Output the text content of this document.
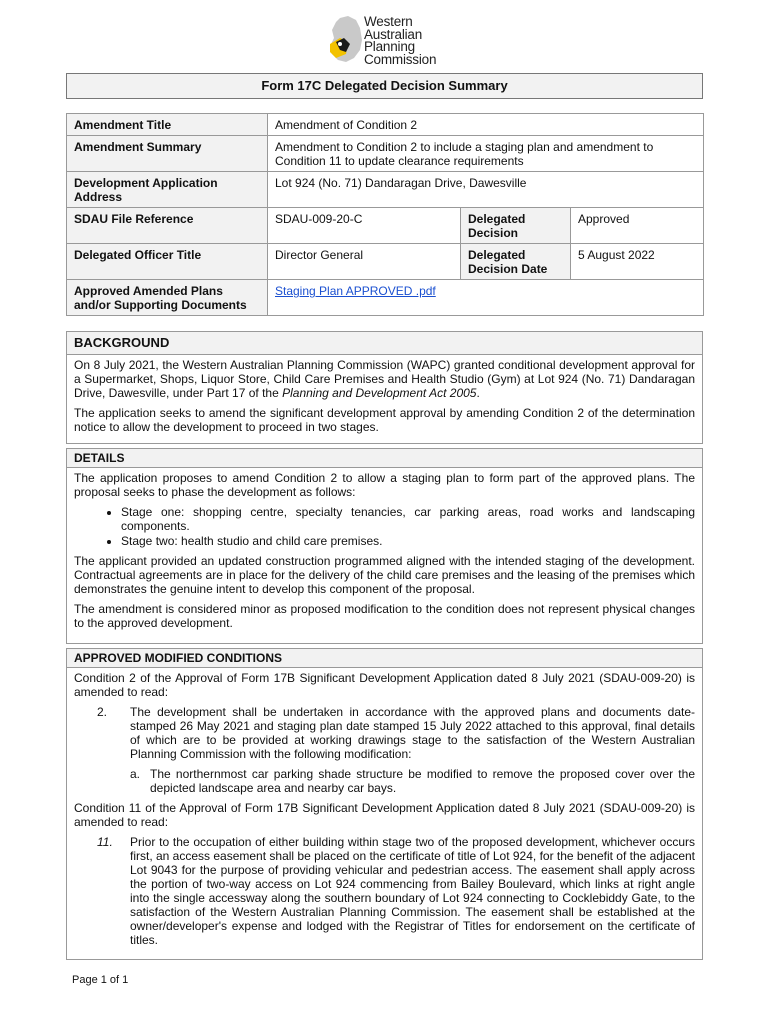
Western
Australian
Planning
Commission
Form 17C Delegated Decision Summary
Amendment Title	Amendment of Condition 2		
Amendment Summary	Amendment to Condition 2 to include a staging plan and amendment to Condition 11 to update clearance requirements		
Development Application Address	Lot 924 (No. 71) Dandaragan Drive, Dawesville		
SDAU File Reference	SDAU-009-20-C	Delegated Decision	Approved
Delegated Officer Title	Director General	Delegated Decision Date	5 August 2022
Approved Amended Plans and/or Supporting Documents	Staging Plan APPROVED .pdf		
BACKGROUND

On 8 July 2021, the Western Australian Planning Commission (WAPC) granted conditional development approval for a Supermarket, Shops, Liquor Store, Child Care Premises and Health Studio (Gym) at Lot 924 (No. 71) Dandaragan Drive, Dawesville, under Part 17 of the Planning and Development Act 2005.

The application seeks to amend the significant development approval by amending Condition 2 of the determination notice to allow the development to proceed in two stages.

DETAILS

The application proposes to amend Condition 2 to allow a staging plan to form part of the approved plans. The proposal seeks to phase the development as follows:

• Stage one: shopping centre, specialty tenancies, car parking areas, road works and landscaping components.
• Stage two: health studio and child care premises.

The applicant provided an updated construction programmed aligned with the intended staging of the development. Contractual agreements are in place for the delivery of the child care premises and the leasing of the premises which demonstrates the genuine intent to develop this component of the proposal.

The amendment is considered minor as proposed modification to the condition does not represent physical changes to the approved development.

APPROVED MODIFIED CONDITIONS

Condition 2 of the Approval of Form 17B Significant Development Application dated 8 July 2021 (SDAU-009-20) is amended to read:

2.	The development shall be undertaken in accordance with the approved plans and documents date-stamped 26 May 2021 and staging plan date stamped 15 July 2022 attached to this approval, final details of which are to be provided at working drawings stage to the satisfaction of the Western Australian Planning Commission with the following modification:
a. The northernmost car parking shade structure be modified to remove the proposed cover over the depicted landscape area and nearby car bays.

Condition 11 of the Approval of Form 17B Significant Development Application dated 8 July 2021 (SDAU-009-20) is amended to read:

11.	Prior to the occupation of either building within stage two of the proposed development, whichever occurs first, an access easement shall be placed on the certificate of title of Lot 924, for the benefit of the adjacent Lot 9043 for the purpose of providing vehicular and pedestrian access. The easement shall apply across the portion of two-way access on Lot 924 commencing from Bailey Boulevard, which links at right angle into the single accessway along the southern boundary of Lot 924 connecting to Cocklebiddy Gate, to the satisfaction of the Western Australian Planning Commission. The easement shall be established at the owner/developer's expense and lodged with the Registrar of Titles for endorsement on the certificate of titles.
Page 1 of 1
